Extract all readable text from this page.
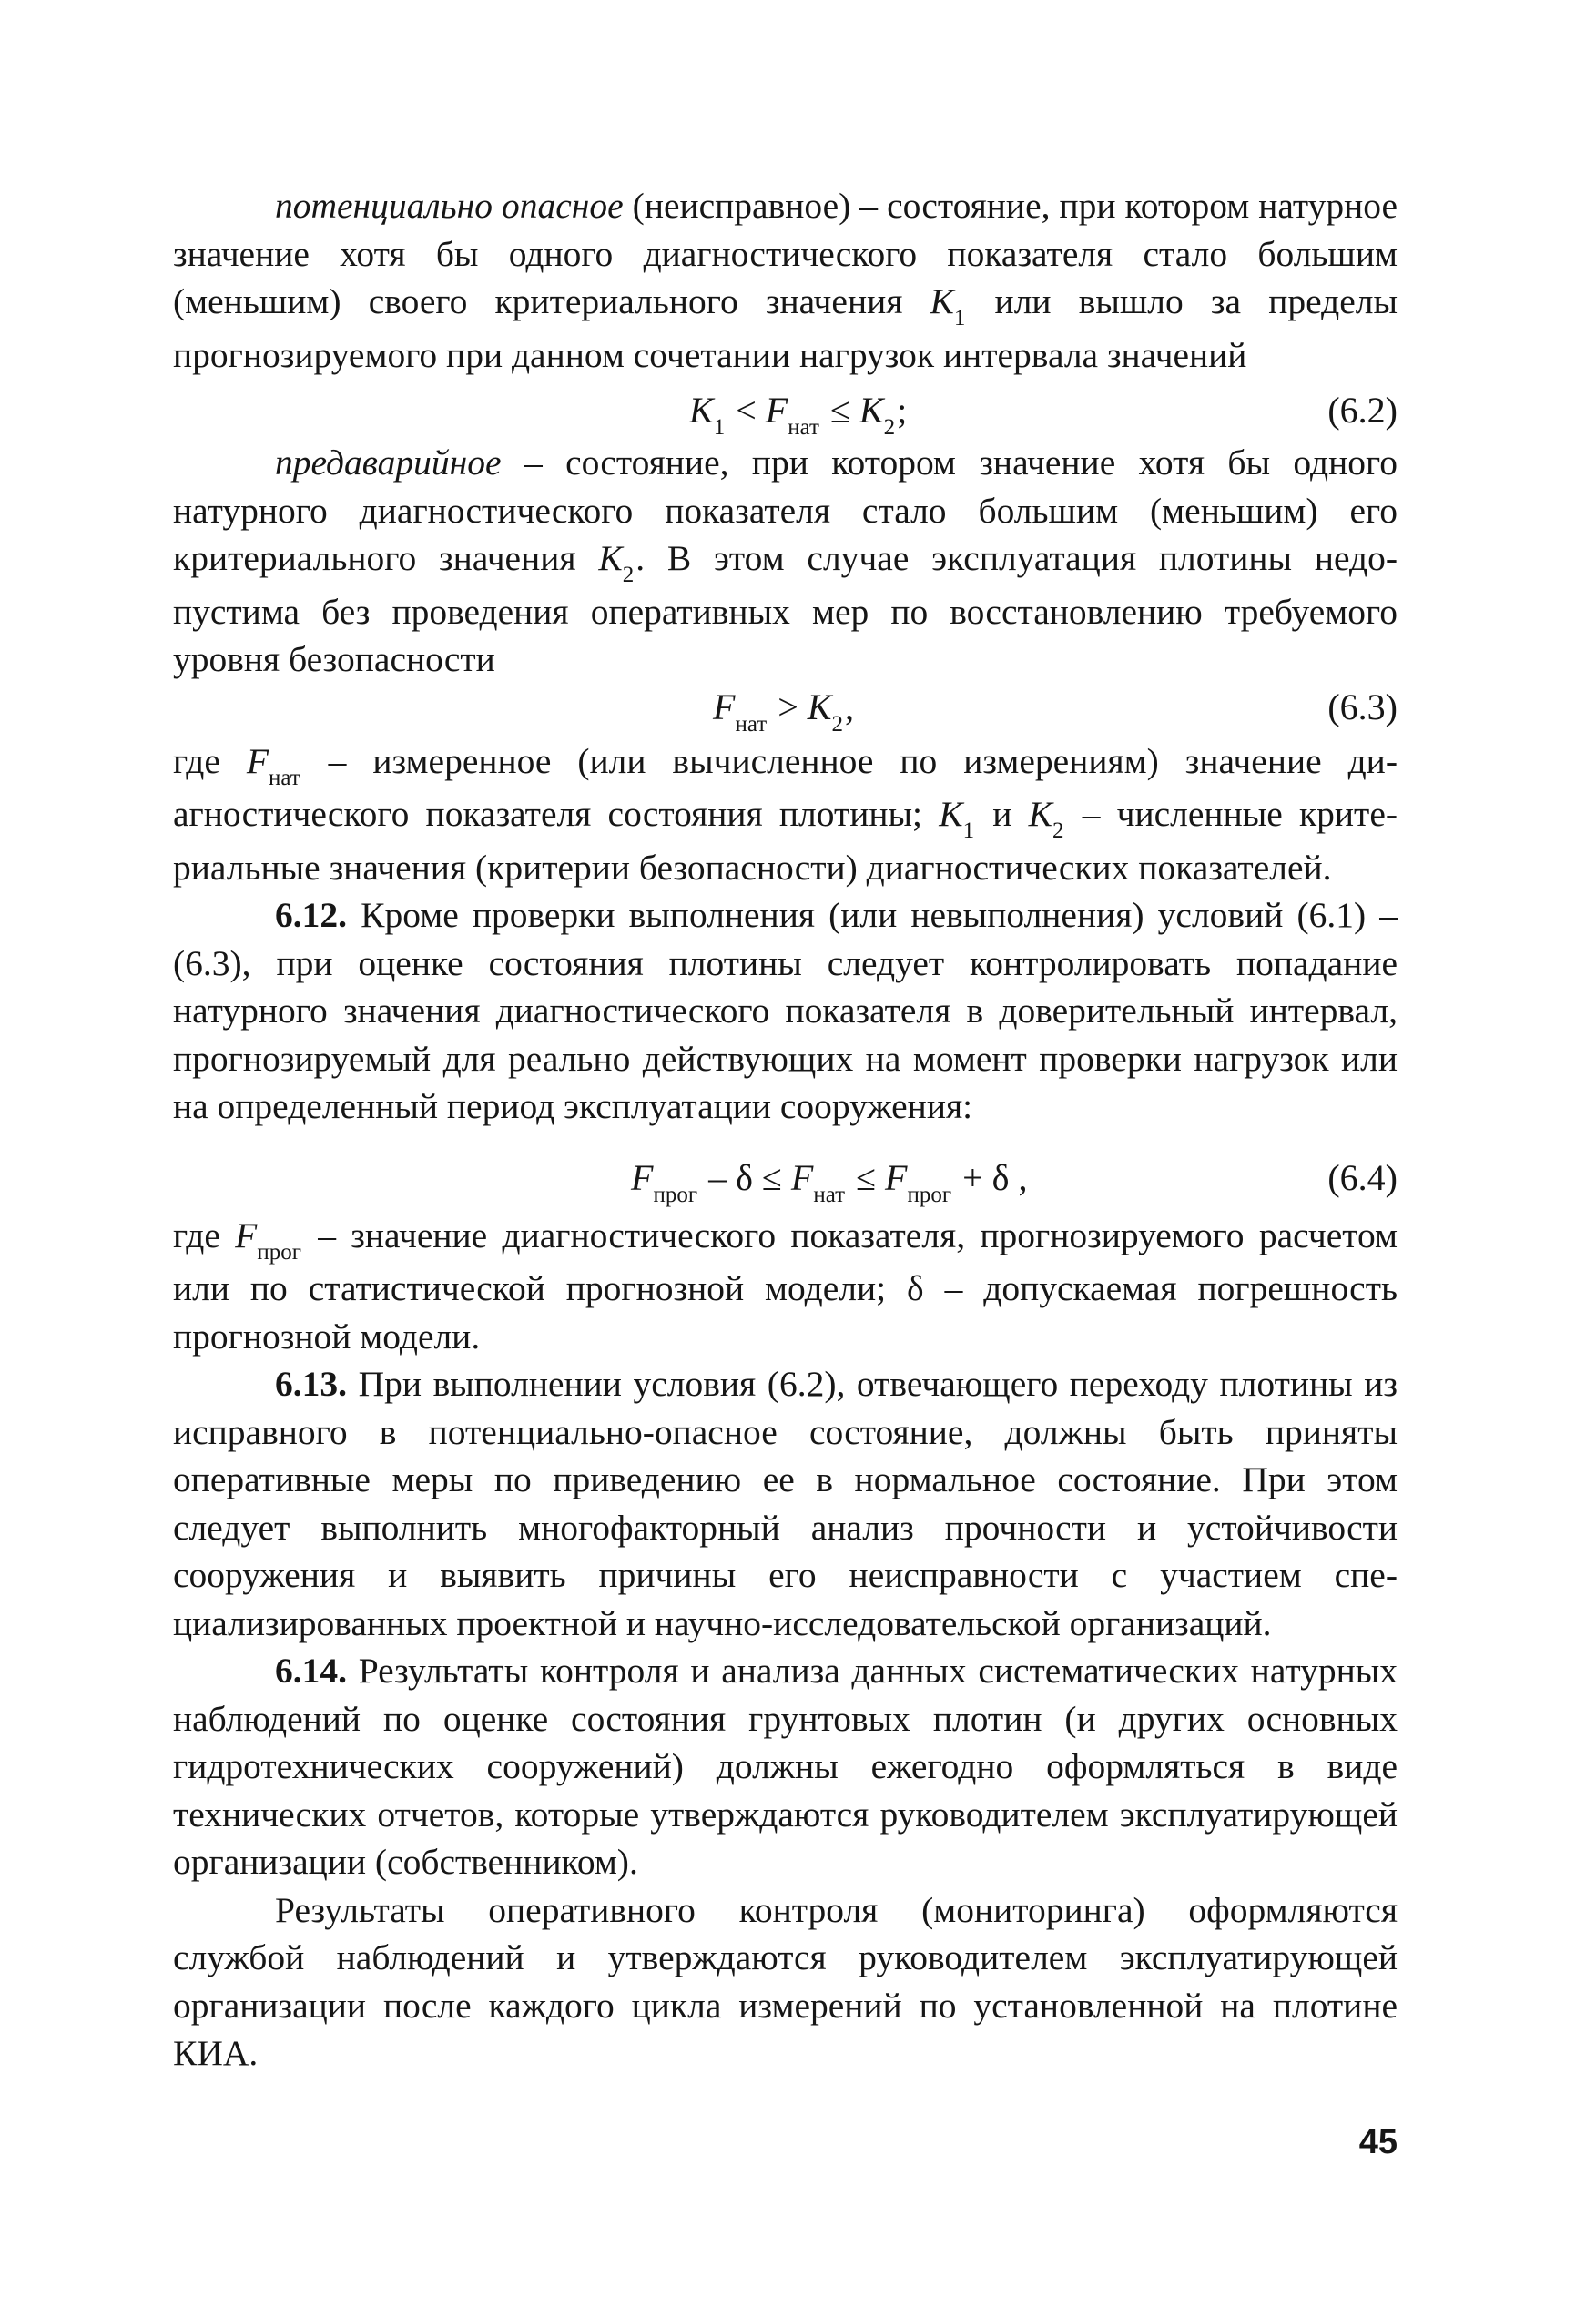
потенциально опасное (неисправное) – состояние, при котором натурное значение хотя бы одного диагностического показателя стало большим (меньшим) своего критериального значения $K_1$ или вышло за пределы прогнозируемого при данном сочетании нагрузок интервала значений

$K_1 < F_{нат} \le K_2$;	(6.2)

предаварийное – состояние, при котором значение хотя бы одного натурного диагностического показателя стало большим (меньшим) его критериального значения $K_2$. В этом случае эксплуатация плотины недопустима без проведения оперативных мер по восстановлению требуемого уровня безопасности

$F_{нат} > K_2$,	(6.3)

где $F_{нат}$ – измеренное (или вычисленное по измерениям) значение диагностического показателя состояния плотины; $K_1$ и $K_2$ – численные критериальные значения (критерии безопасности) диагностических показателей.

6.12. Кроме проверки выполнения (или невыполнения) условий (6.1) – (6.3), при оценке состояния плотины следует контролировать попадание натурного значения диагностического показателя в доверительный интервал, прогнозируемый для реально действующих на момент проверки нагрузок или на определенный период эксплуатации сооружения:

$F_{прог} - \delta \le F_{нат} \le F_{прог} + \delta$ ,	(6.4)

где $F_{прог}$ – значение диагностического показателя, прогнозируемого расчетом или по статистической прогнозной модели; δ – допускаемая погрешность прогнозной модели.

6.13. При выполнении условия (6.2), отвечающего переходу плотины из исправного в потенциально-опасное состояние, должны быть приняты оперативные меры по приведению ее в нормальное состояние. При этом следует выполнить многофакторный анализ прочности и устойчивости сооружения и выявить причины его неисправности с участием специализированных проектной и научно-исследовательской организаций.

6.14. Результаты контроля и анализа данных систематических натурных наблюдений по оценке состояния грунтовых плотин (и других основных гидротехнических сооружений) должны ежегодно оформляться в виде технических отчетов, которые утверждаются руководителем эксплуатирующей организации (собственником).

Результаты оперативного контроля (мониторинга) оформляются службой наблюдений и утверждаются руководителем эксплуатирующей организации после каждого цикла измерений по установленной на плотине КИА.

45
